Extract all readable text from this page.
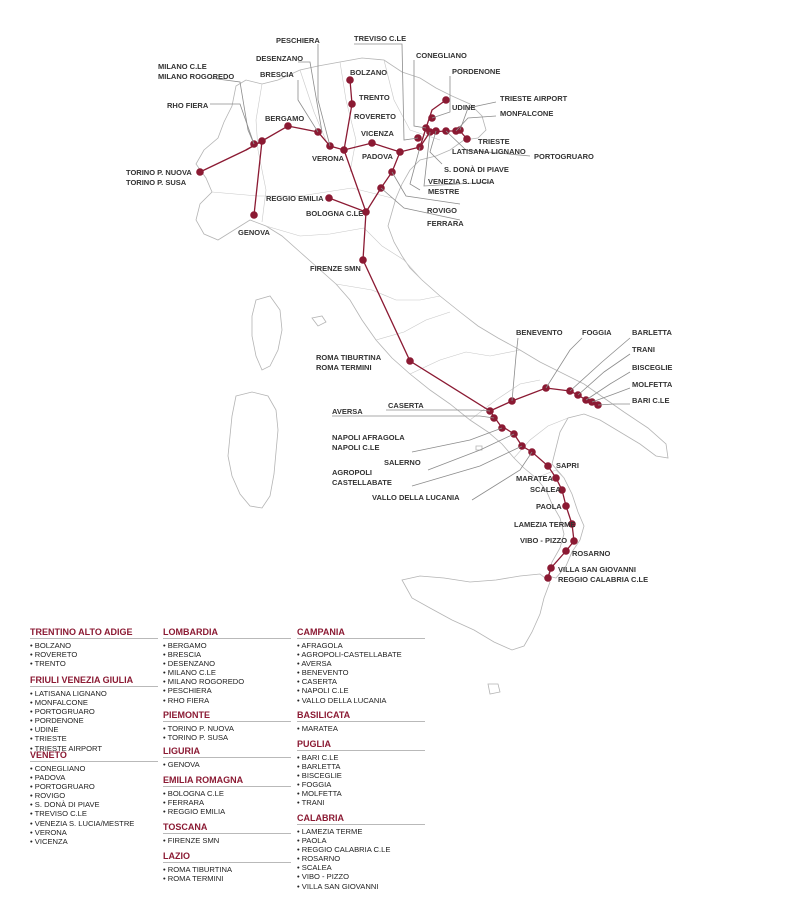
TORINO P. NUOVA
TORINO P. SUSA
RHO FIERA
MILANO C.LE
MILANO ROGOREDO
BERGAMO
BRESCIA
DESENZANO
PESCHIERA
VERONA
BOLZANO
TRENTO
ROVERETO
VICENZA
PADOVA
TREVISO C.LE
CONEGLIANO
PORDENONE
UDINE
TRIESTE AIRPORT
MONFALCONE
TRIESTE
LATISANA LIGNANO
PORTOGRUARO
S. DONÀ DI PIAVE
VENEZIA S. LUCIA
MESTRE
ROVIGO
FERRARA
REGGIO EMILIA
BOLOGNA C.LE
GENOVA
FIRENZE SMN
ROMA TIBURTINA
ROMA TERMINI
BENEVENTO	FOGGIA	BARLETTA
TRANI
BISCEGLIE
MOLFETTA
BARI C.LE
CASERTA
AVERSA
NAPOLI AFRAGOLA
NAPOLI C.LE
SALERNO
AGROPOLI
CASTELLABATE
VALLO DELLA LUCANIA
SAPRI
MARATEA
SCALEA
PAOLA
LAMEZIA TERME
VIBO - PIZZO
ROSARNO
VILLA SAN GIOVANNI
REGGIO CALABRIA C.LE
TRENTINO ALTO ADIGE
• BOLZANO
• ROVERETO
• TRENTO
FRIULI VENEZIA GIULIA
• LATISANA LIGNANO
• MONFALCONE
• PORTOGRUARO
• PORDENONE
• UDINE
• TRIESTE
• TRIESTE AIRPORT
VENETO
• CONEGLIANO
• PADOVA
• PORTOGRUARO
• ROVIGO
• S. DONÀ DI PIAVE
• TREVISO C.LE
• VENEZIA S. LUCIA/MESTRE
• VERONA
• VICENZA
LOMBARDIA
• BERGAMO
• BRESCIA
• DESENZANO
• MILANO C.LE
• MILANO ROGOREDO
• PESCHIERA
• RHO FIERA
PIEMONTE
• TORINO P. NUOVA
• TORINO P. SUSA
LIGURIA
• GENOVA
EMILIA ROMAGNA
• BOLOGNA C.LE
• FERRARA
• REGGIO EMILIA
TOSCANA
• FIRENZE SMN
LAZIO
• ROMA TIBURTINA
• ROMA TERMINI
CAMPANIA
• AFRAGOLA
• AGROPOLI-CASTELLABATE
• AVERSA
• BENEVENTO
• CASERTA
• NAPOLI C.LE
• VALLO DELLA LUCANIA
BASILICATA
• MARATEA
PUGLIA
• BARI C.LE
• BARLETTA
• BISCEGLIE
• FOGGIA
• MOLFETTA
• TRANI
CALABRIA
• LAMEZIA TERME
• PAOLA
• REGGIO CALABRIA C.LE
• ROSARNO
• SCALEA
• VIBO - PIZZO
• VILLA SAN GIOVANNI
